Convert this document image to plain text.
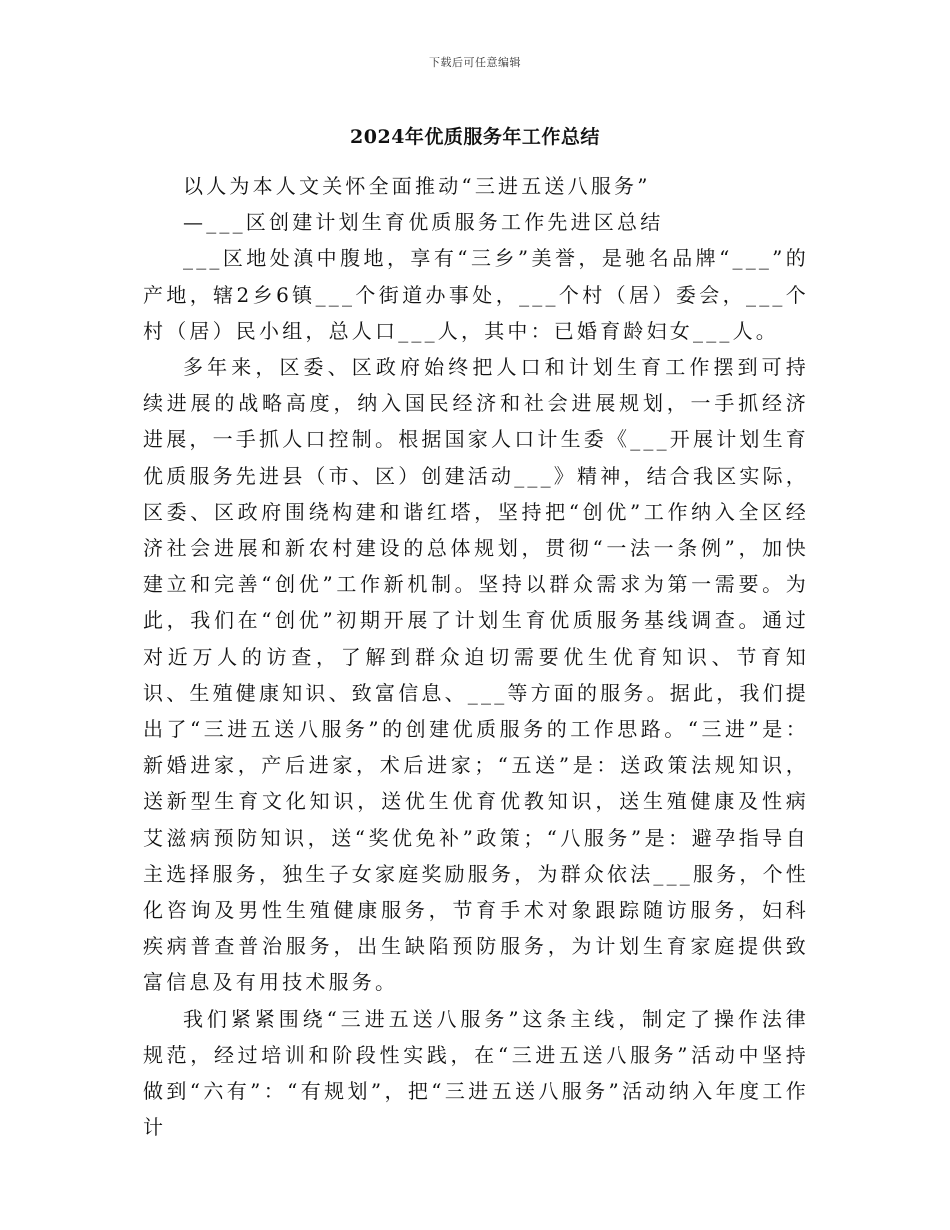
下载后可任意编辑
2024年优质服务年工作总结

以人为本人文关怀全面推动“三进五送八服务”

—___区创建计划生育优质服务工作先进区总结

___区地处滇中腹地，享有“三乡”美誉，是驰名品牌“___”的产地，辖2乡6镇___个街道办事处，___个村（居）委会，___个村（居）民小组，总人口___人，其中：已婚育龄妇女___人。

多年来，区委、区政府始终把人口和计划生育工作摆到可持续进展的战略高度，纳入国民经济和社会进展规划，一手抓经济进展，一手抓人口控制。根据国家人口计生委《___开展计划生育优质服务先进县（市、区）创建活动___》精神，结合我区实际，区委、区政府围绕构建和谐红塔，坚持把“创优”工作纳入全区经济社会进展和新农村建设的总体规划，贯彻“一法一条例”，加快建立和完善“创优”工作新机制。坚持以群众需求为第一需要。为此，我们在“创优”初期开展了计划生育优质服务基线调查。通过对近万人的访查，了解到群众迫切需要优生优育知识、节育知识、生殖健康知识、致富信息、___等方面的服务。据此，我们提出了“三进五送八服务”的创建优质服务的工作思路。“三进”是：新婚进家，产后进家，术后进家；“五送”是：送政策法规知识，送新型生育文化知识，送优生优育优教知识，送生殖健康及性病艾滋病预防知识，送“奖优免补”政策；“八服务”是：避孕指导自主选择服务，独生子女家庭奖励服务，为群众依法___服务，个性化咨询及男性生殖健康服务，节育手术对象跟踪随访服务，妇科疾病普查普治服务，出生缺陷预防服务，为计划生育家庭提供致富信息及有用技术服务。

我们紧紧围绕“三进五送八服务”这条主线，制定了操作法律规范，经过培训和阶段性实践，在“三进五送八服务”活动中坚持做到“六有”：“有规划”，把“三进五送八服务”活动纳入年度工作计
